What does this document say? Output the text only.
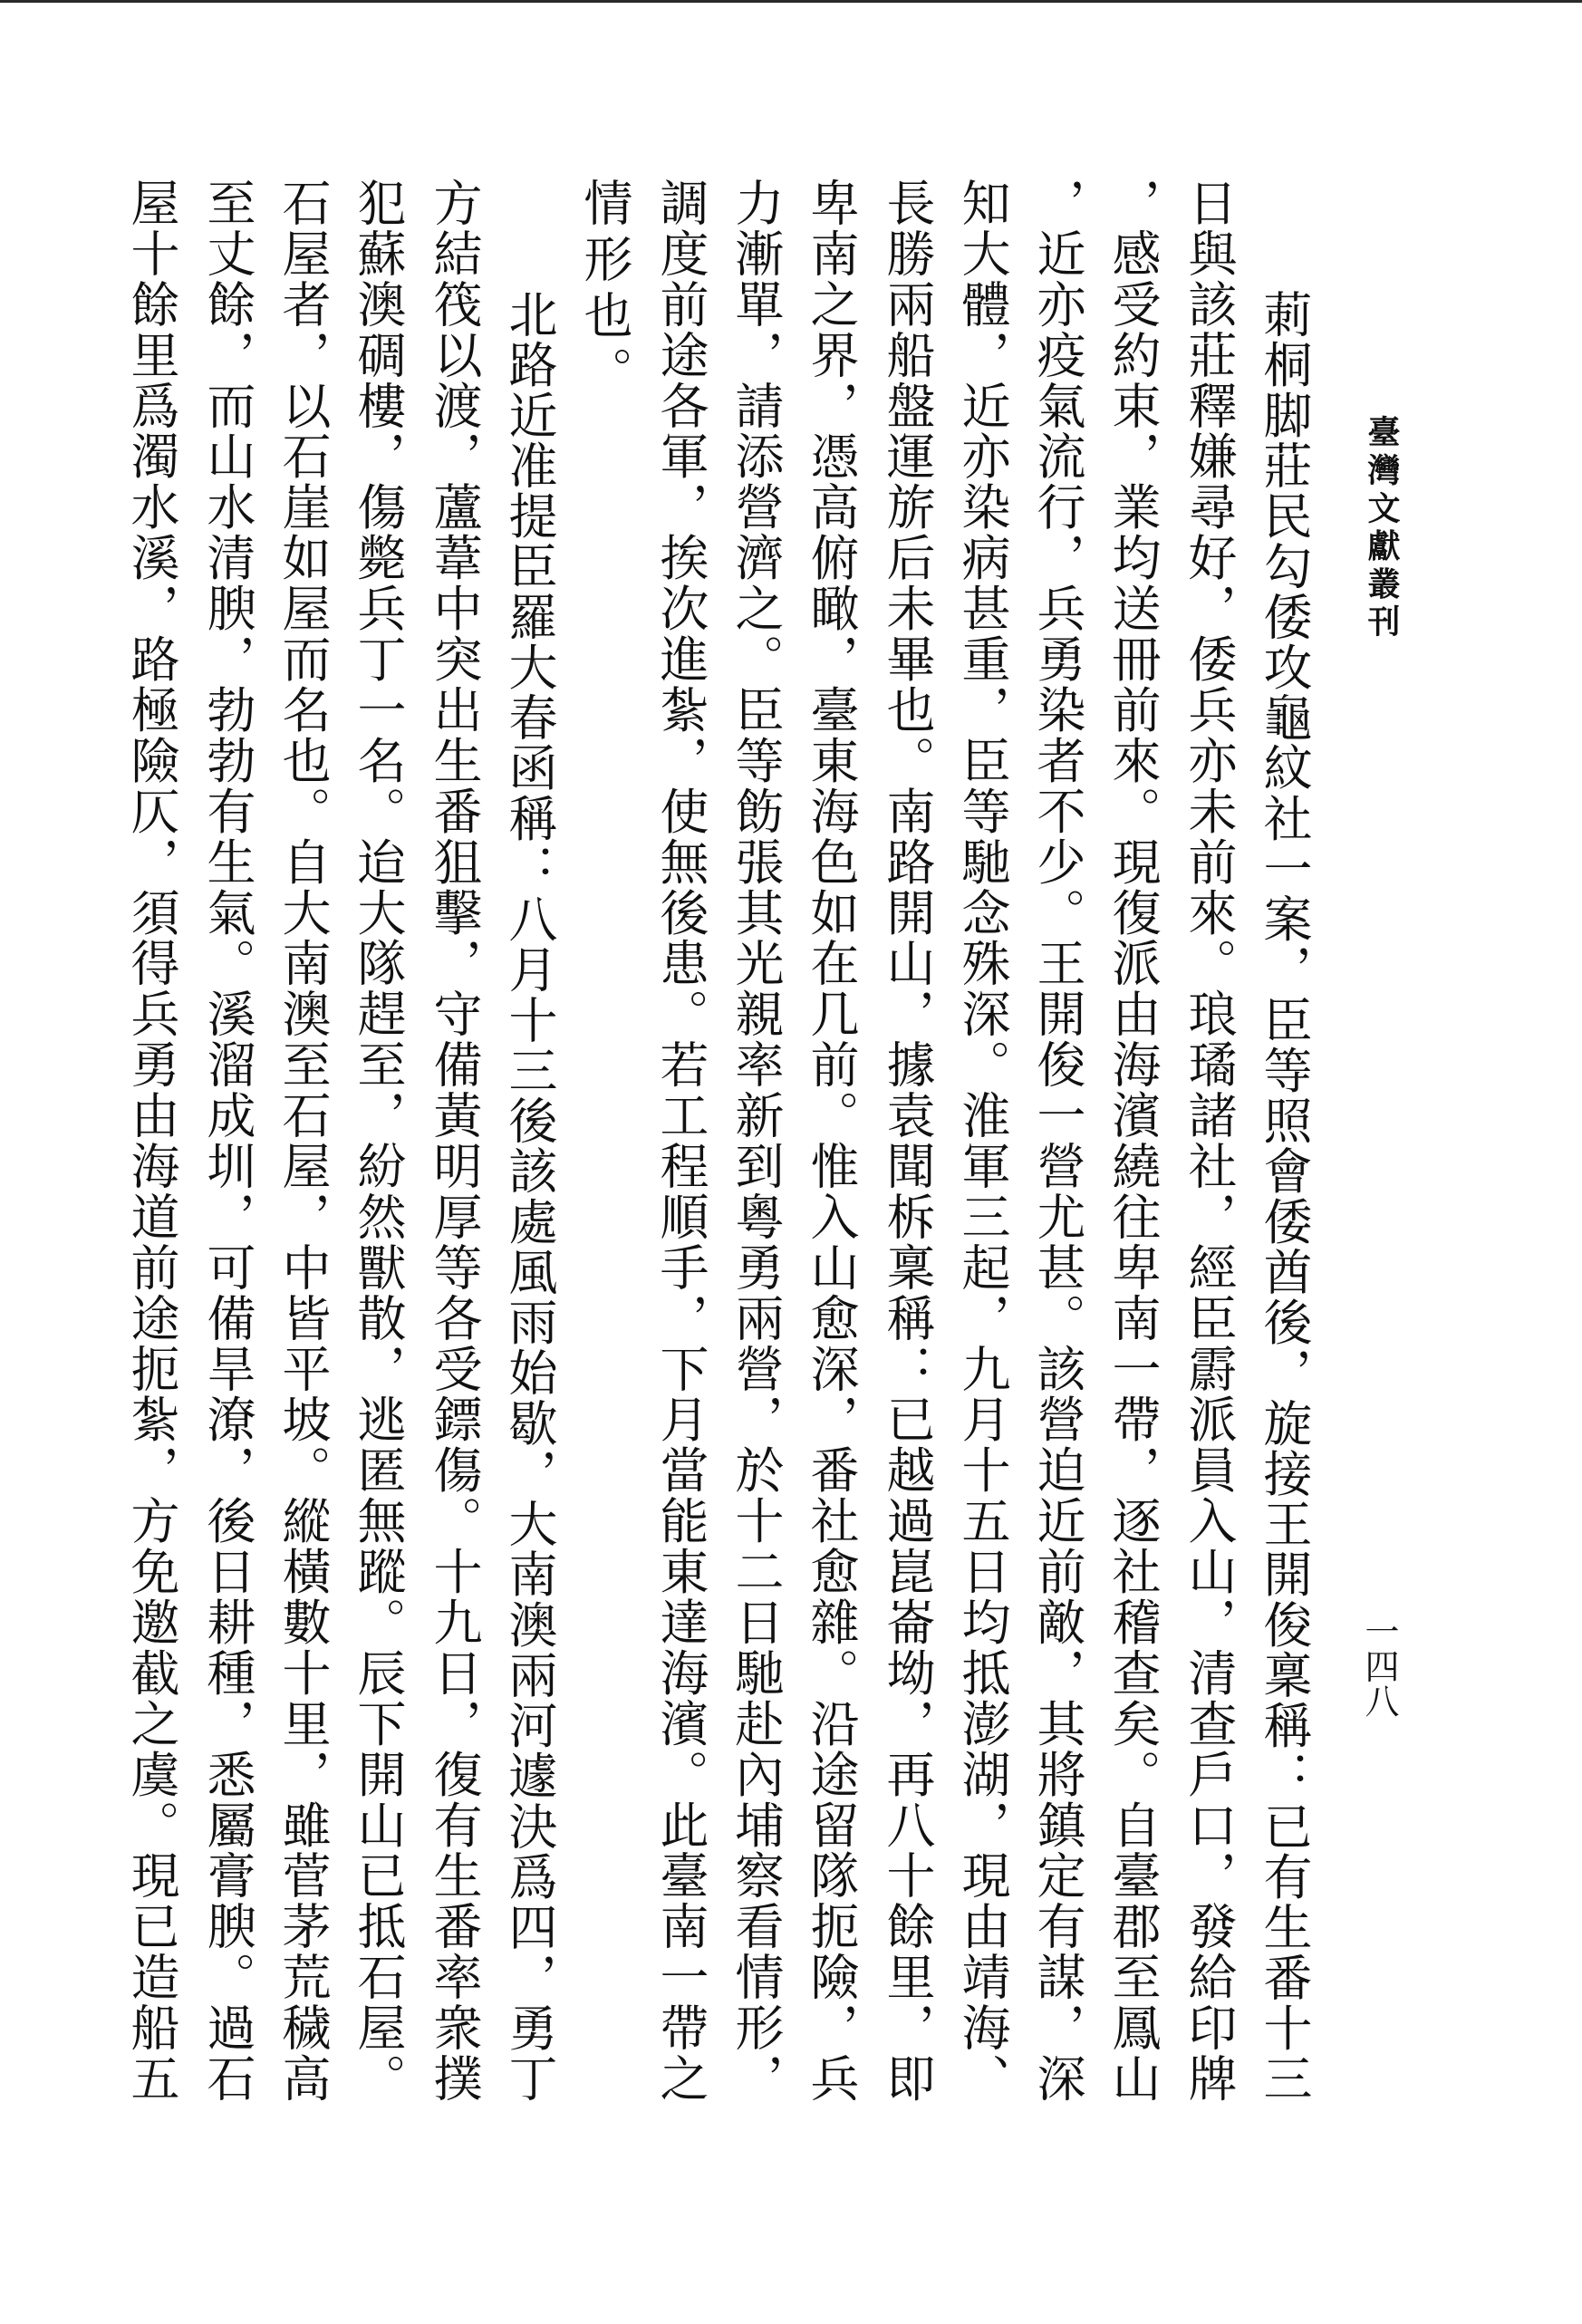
臺灣文獻叢刊
一四八
莿桐脚莊民勾倭攻龜紋社一案，臣等照會倭酋後，旋接王開俊稟稱：已有生番十三
日與該莊釋嫌尋好，倭兵亦未前來。琅璚諸社，經臣霨派員入山，清查戶口，發給印牌
，感受約束，業均送冊前來。現復派由海濱繞往卑南一帶，逐社稽查矣。自臺郡至鳳山
，近亦疫氣流行，兵勇染者不少。王開俊一營尤甚。該營迫近前敵，其將鎮定有謀，深
知大體，近亦染病甚重，臣等馳念殊深。淮軍三起，九月十五日均抵澎湖，現由靖海、
長勝兩船盤運旂后未畢也。南路開山，據袁聞柝稟稱：已越過崑崙坳，再八十餘里，即
卑南之界，憑高俯瞰，臺東海色如在几前。惟入山愈深，番社愈雜。沿途留隊扼險，兵
力漸單，請添營濟之。臣等飭張其光親率新到粵勇兩營，於十二日馳赴內埔察看情形，
調度前途各軍，挨次進紮，使無後患。若工程順手，下月當能東達海濱。此臺南一帶之
情形也。
北路近准提臣羅大春函稱：八月十三後該處風雨始歇，大南澳兩河遽決爲四，勇丁
方結筏以渡，蘆葦中突出生番狙擊，守備黃明厚等各受鏢傷。十九日，復有生番率衆撲
犯蘇澳碉樓，傷斃兵丁一名。迨大隊趕至，紛然獸散，逃匿無蹤。辰下開山已抵石屋。
石屋者，以石崖如屋而名也。自大南澳至石屋，中皆平坡。縱橫數十里，雖菅茅荒穢高
至丈餘，而山水清腴，勃勃有生氣。溪溜成圳，可備旱潦，後日耕種，悉屬膏腴。過石
屋十餘里爲濁水溪，路極險仄，須得兵勇由海道前途扼紮，方免邀截之虞。現已造船五
